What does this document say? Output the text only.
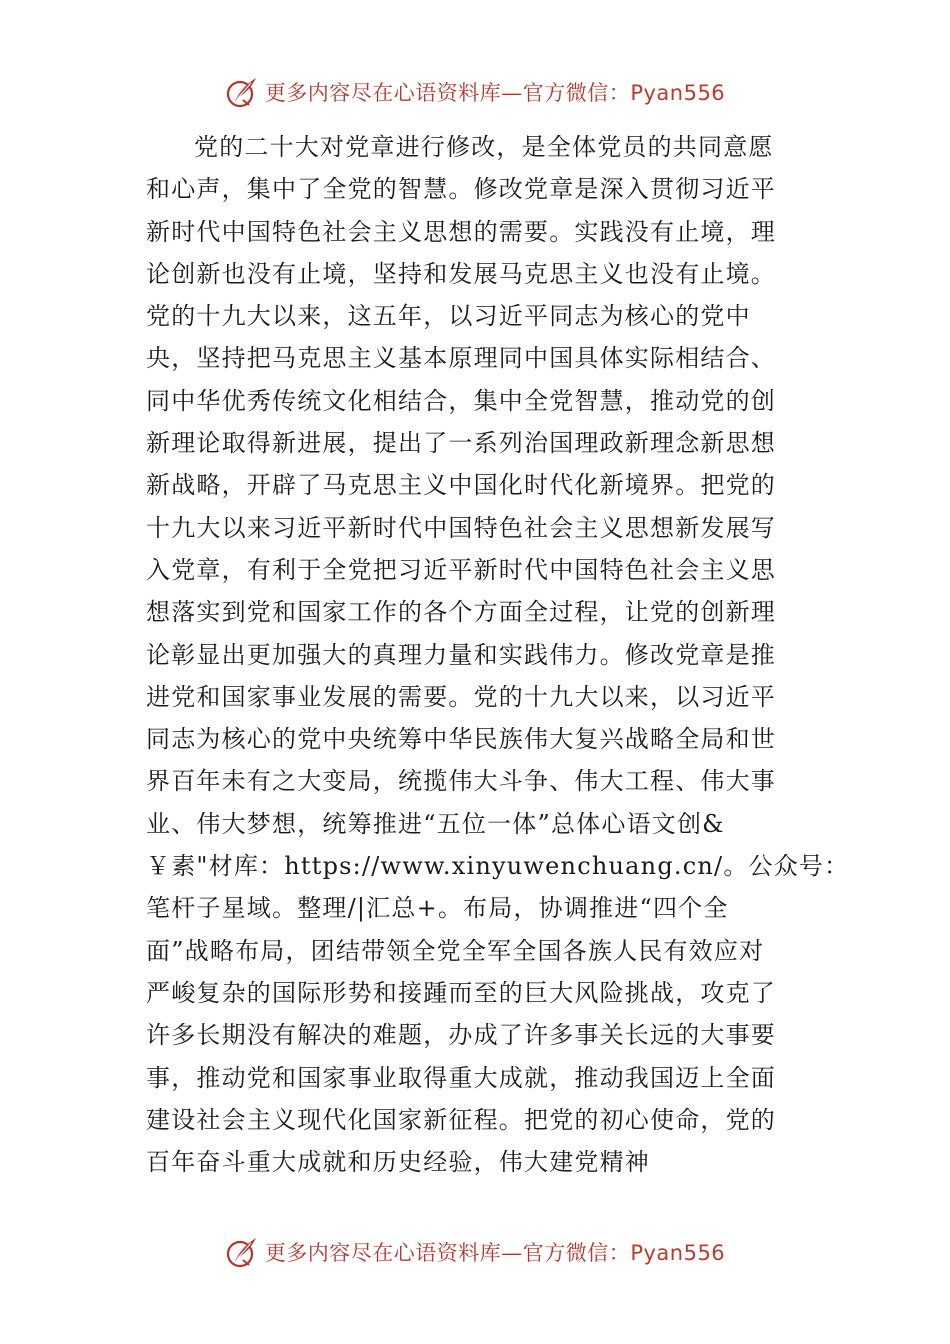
更多内容尽在心语资料库—官方微信：Pyan556
党的二十大对党章进行修改，是全体党员的共同意愿
和心声，集中了全党的智慧。修改党章是深入贯彻习近平
新时代中国特色社会主义思想的需要。实践没有止境，理
论创新也没有止境，坚持和发展马克思主义也没有止境。
党的十九大以来，这五年，以习近平同志为核心的党中
央，坚持把马克思主义基本原理同中国具体实际相结合、
同中华优秀传统文化相结合，集中全党智慧，推动党的创
新理论取得新进展，提出了一系列治国理政新理念新思想
新战略，开辟了马克思主义中国化时代化新境界。把党的
十九大以来习近平新时代中国特色社会主义思想新发展写
入党章，有利于全党把习近平新时代中国特色社会主义思
想落实到党和国家工作的各个方面全过程，让党的创新理
论彰显出更加强大的真理力量和实践伟力。修改党章是推
进党和国家事业发展的需要。党的十九大以来，以习近平
同志为核心的党中央统筹中华民族伟大复兴战略全局和世
界百年未有之大变局，统揽伟大斗争、伟大工程、伟大事
业、伟大梦想，统筹推进“五位一体”总体心语文创&
￥素"材库：https://www.xinyuwenchuang.cn/。公众号：
笔杆子星域。整理/|汇总+。布局，协调推进“四个全
面”战略布局，团结带领全党全军全国各族人民有效应对
严峻复杂的国际形势和接踵而至的巨大风险挑战，攻克了
许多长期没有解决的难题，办成了许多事关长远的大事要
事，推动党和国家事业取得重大成就，推动我国迈上全面
建设社会主义现代化国家新征程。把党的初心使命，党的
百年奋斗重大成就和历史经验，伟大建党精神
更多内容尽在心语资料库—官方微信：Pyan556
